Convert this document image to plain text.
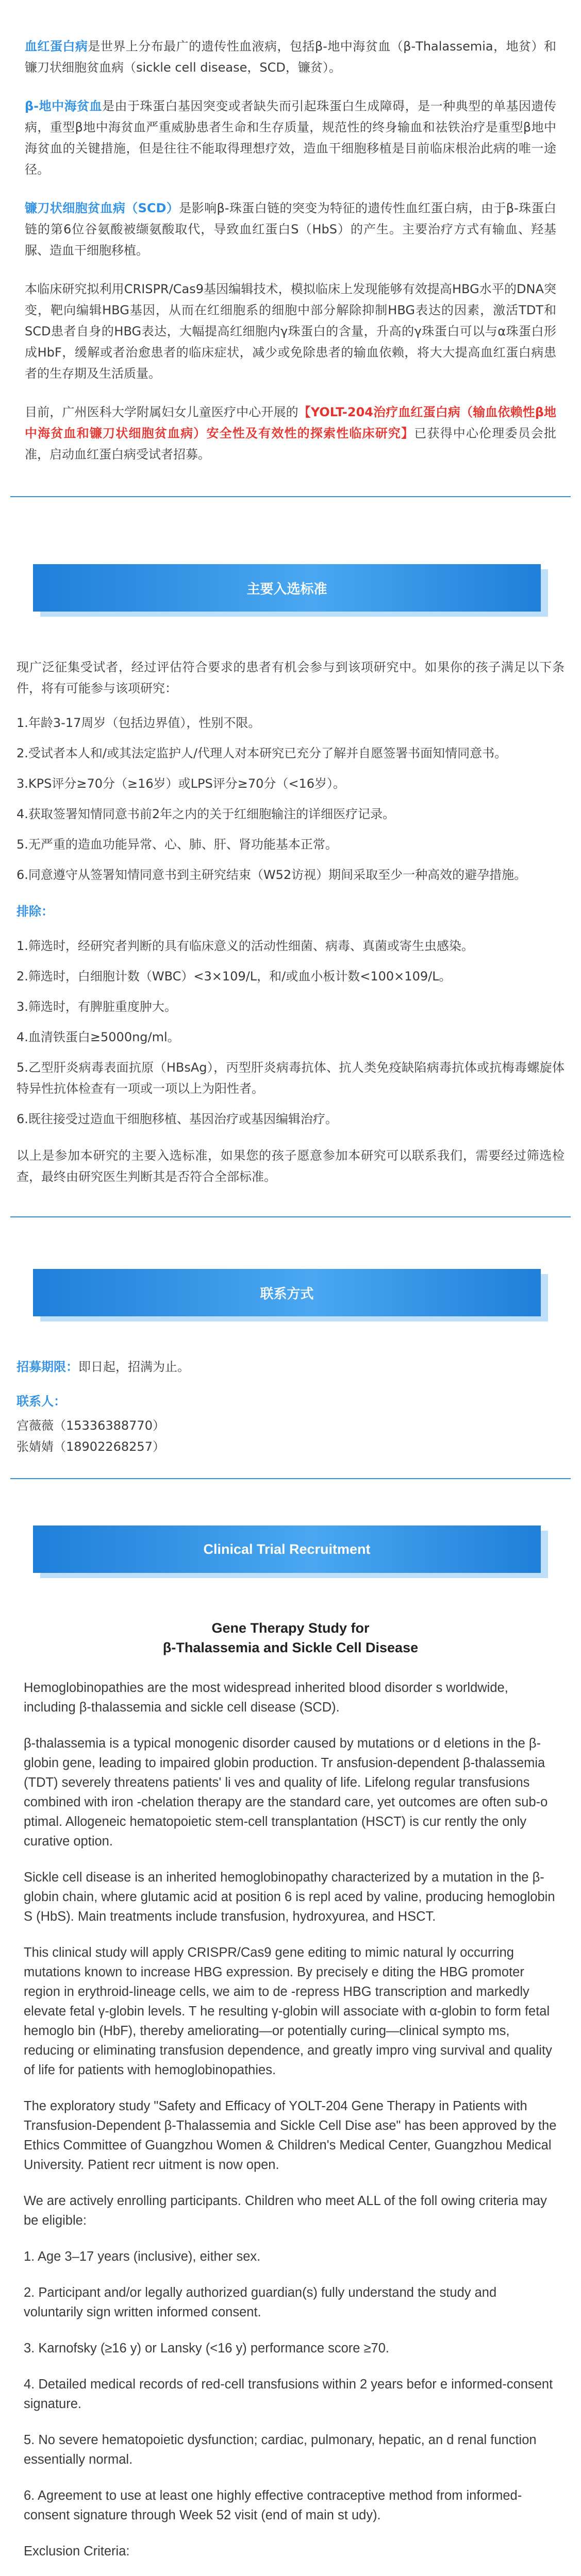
血红蛋白病是世界上分布最广的遗传性血液病，包括β-地中海贫血（β-Thalassemia，地贫）和镰刀状细胞贫血病（sickle cell disease，SCD，镰贫）。

β-地中海贫血是由于珠蛋白基因突变或者缺失而引起珠蛋白生成障碍，是一种典型的单基因遗传病，重型β地中海贫血严重威胁患者生命和生存质量，规范性的终身输血和祛铁治疗是重型β地中海贫血的关键措施，但是往往不能取得理想疗效，造血干细胞移植是目前临床根治此病的唯一途径。

镰刀状细胞贫血病（SCD）是影响β-珠蛋白链的突变为特征的遗传性血红蛋白病，由于β-珠蛋白链的第6位谷氨酸被缬氨酸取代，导致血红蛋白S（HbS）的产生。主要治疗方式有输血、羟基脲、造血干细胞移植。

本临床研究拟利用CRISPR/Cas9基因编辑技术，模拟临床上发现能够有效提高HBG水平的DNA突变，靶向编辑HBG基因，从而在红细胞系的细胞中部分解除抑制HBG表达的因素，激活TDT和SCD患者自身的HBG表达，大幅提高红细胞内γ珠蛋白的含量，升高的γ珠蛋白可以与α珠蛋白形成HbF，缓解或者治愈患者的临床症状，减少或免除患者的输血依赖，将大大提高血红蛋白病患者的生存期及生活质量。

目前，广州医科大学附属妇女儿童医疗中心开展的【YOLT-204治疗血红蛋白病（输血依赖性β地中海贫血和镰刀状细胞贫血病）安全性及有效性的探索性临床研究】已获得中心伦理委员会批准，启动血红蛋白病受试者招募。

主要入选标准

现广泛征集受试者，经过评估符合要求的患者有机会参与到该项研究中。如果你的孩子满足以下条件，将有可能参与该项研究：

1.年龄3-17周岁（包括边界值），性别不限。

2.受试者本人和/或其法定监护人/代理人对本研究已充分了解并自愿签署书面知情同意书。

3.KPS评分≥70分（≥16岁）或LPS评分≥70分（<16岁）。

4.获取签署知情同意书前2年之内的关于红细胞输注的详细医疗记录。

5.无严重的造血功能异常、心、肺、肝、肾功能基本正常。

6.同意遵守从签署知情同意书到主研究结束（W52访视）期间采取至少一种高效的避孕措施。

排除：

1.筛选时，经研究者判断的具有临床意义的活动性细菌、病毒、真菌或寄生虫感染。

2.筛选时，白细胞计数（WBC）<3×109/L，和/或血小板计数<100×109/L。

3.筛选时，有脾脏重度肿大。

4.血清铁蛋白≥5000ng/ml。

5.乙型肝炎病毒表面抗原（HBsAg），丙型肝炎病毒抗体、抗人类免疫缺陷病毒抗体或抗梅毒螺旋体特异性抗体检查有一项或一项以上为阳性者。

6.既往接受过造血干细胞移植、基因治疗或基因编辑治疗。

以上是参加本研究的主要入选标准，如果您的孩子愿意参加本研究可以联系我们，需要经过筛选检查，最终由研究医生判断其是否符合全部标准。

联系方式

招募期限：即日起，招满为止。

联系人：

宫薇薇（15336388770）

张婧婧（18902268257）

Clinical Trial Recruitment
Gene Therapy Study for
β-Thalassemia and Sickle Cell Disease

Hemoglobinopathies are the most widespread inherited blood disorder s worldwide, including β-thalassemia and sickle cell disease (SCD).

β-thalassemia is a typical monogenic disorder caused by mutations or d eletions in the β-globin gene, leading to impaired globin production. Tr ansfusion-dependent β-thalassemia (TDT) severely threatens patients' li ves and quality of life. Lifelong regular transfusions combined with iron -chelation therapy are the standard care, yet outcomes are often sub-o ptimal. Allogeneic hematopoietic stem-cell transplantation (HSCT) is cur rently the only curative option.

Sickle cell disease is an inherited hemoglobinopathy characterized by a mutation in the β-globin chain, where glutamic acid at position 6 is repl aced by valine, producing hemoglobin S (HbS). Main treatments include transfusion, hydroxyurea, and HSCT.

This clinical study will apply CRISPR/Cas9 gene editing to mimic natural ly occurring mutations known to increase HBG expression. By precisely e diting the HBG promoter region in erythroid-lineage cells, we aim to de -repress HBG transcription and markedly elevate fetal γ-globin levels. T he resulting γ-globin will associate with α-globin to form fetal hemoglo bin (HbF), thereby ameliorating—or potentially curing—clinical sympto ms, reducing or eliminating transfusion dependence, and greatly impro ving survival and quality of life for patients with hemoglobinopathies.

The exploratory study "Safety and Efficacy of YOLT-204 Gene Therapy in Patients with Transfusion-Dependent β-Thalassemia and Sickle Cell Dise ase" has been approved by the Ethics Committee of Guangzhou Women & Children's Medical Center, Guangzhou Medical University. Patient recr uitment is now open.

We are actively enrolling participants. Children who meet ALL of the foll owing criteria may be eligible:

1. Age 3–17 years (inclusive), either sex.

2. Participant and/or legally authorized guardian(s) fully understand the study and voluntarily sign written informed consent.

3. Karnofsky (≥16 y) or Lansky (<16 y) performance score ≥70.

4. Detailed medical records of red-cell transfusions within 2 years befor e informed-consent signature.

5. No severe hematopoietic dysfunction; cardiac, pulmonary, hepatic, an d renal function essentially normal.

6. Agreement to use at least one highly effective contraceptive method from informed-consent signature through Week 52 visit (end of main st udy).

Exclusion Criteria:
